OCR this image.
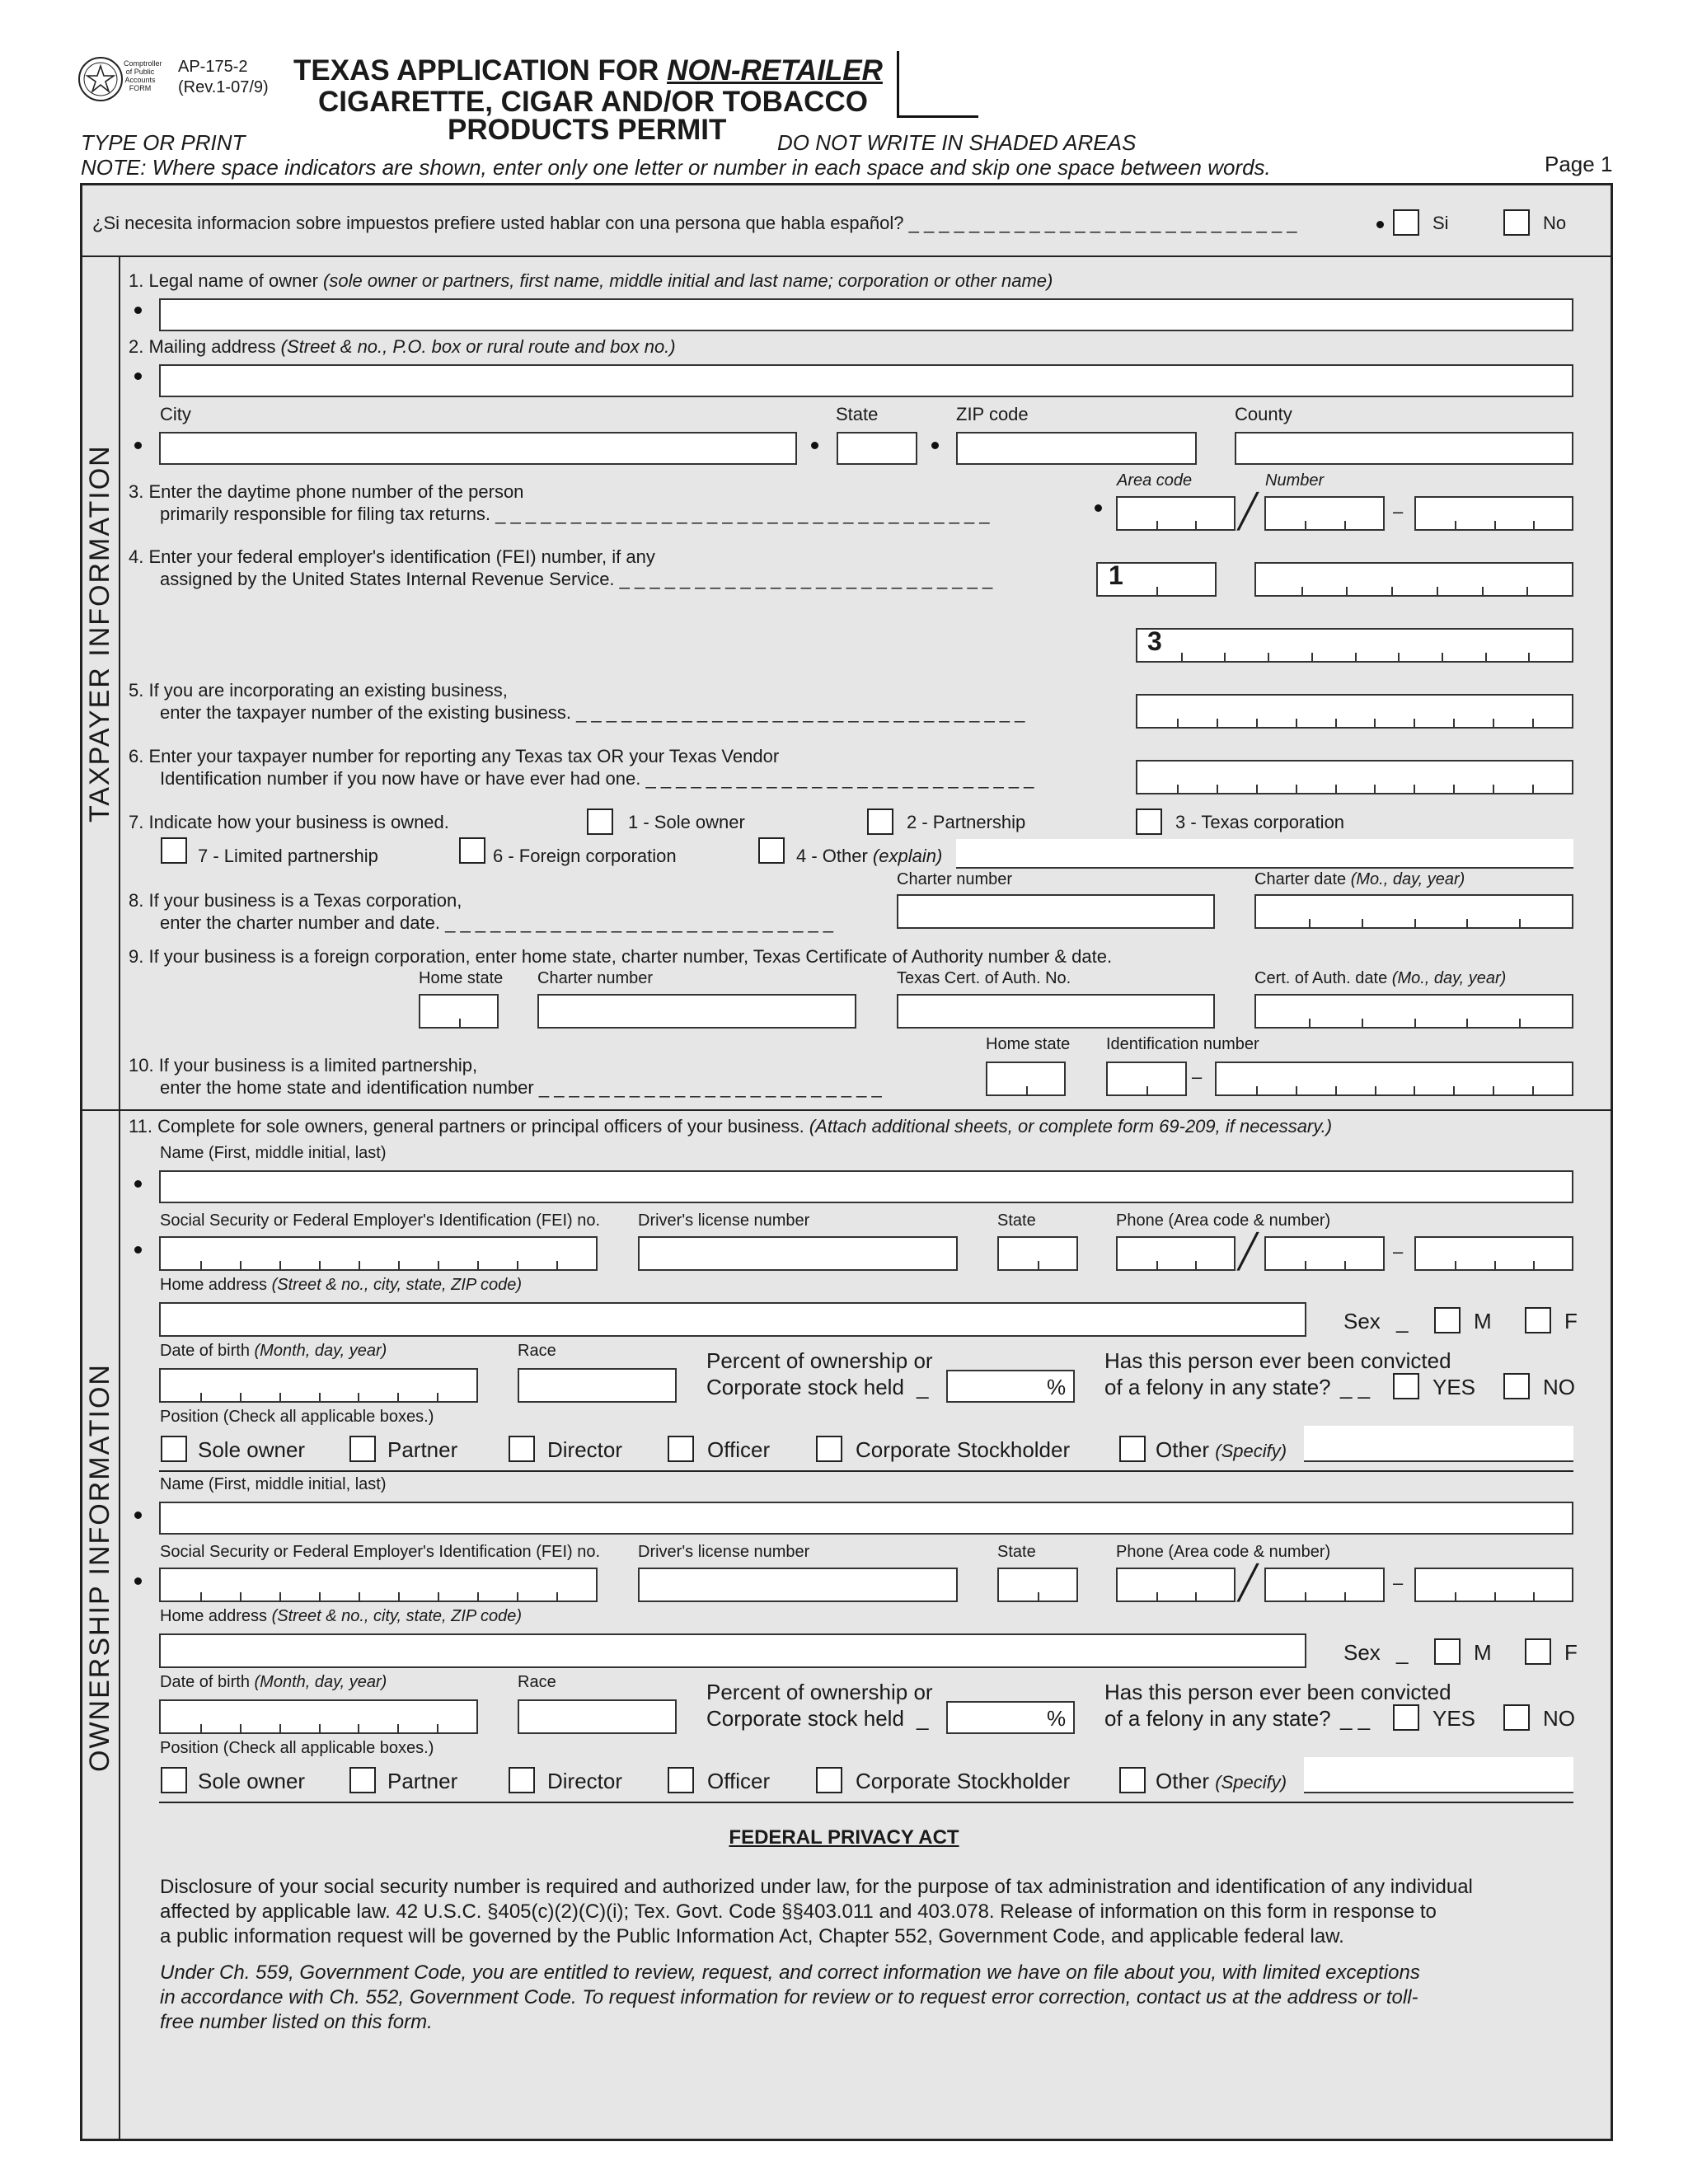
Comptroller of Public Accounts FORM
AP-175-2
(Rev.1-07/9)
TEXAS APPLICATION FOR NON-RETAILER
CIGARETTE, CIGAR AND/OR TOBACCO
PRODUCTS PERMIT
TYPE OR PRINT	DO NOT WRITE IN SHADED AREAS
NOTE: Where space indicators are shown, enter only one letter or number in each space and skip one space between words.	Page 1
¿Si necesita informacion sobre impuestos prefiere usted hablar con una persona que habla español? _ _ _ _ _ _ _ _ _ _ _ _ _ _ _ _ _ _ _ _ _ _ _ _ _ _	Si	No
TAXPAYER INFORMATION
OWNERSHIP INFORMATION
1. Legal name of owner (sole owner or partners, first name, middle initial and last name; corporation or other name)
2. Mailing address (Street & no., P.O. box or rural route and box no.)
City	State	ZIP code	County
3. Enter the daytime phone number of the person
primarily responsible for filing tax returns. _ _ _ _ _ _ _ _ _ _ _ _ _ _ _ _ _ _ _ _ _ _ _ _ _ _ _ _ _ _ _ _ _
Area code	Number
╱	–
4. Enter your federal employer's identification (FEI) number, if any
assigned by the United States Internal Revenue Service. _ _ _ _ _ _ _ _ _ _ _ _ _ _ _ _ _ _ _ _ _ _ _ _ _	1
3
5. If you are incorporating an existing business,
enter the taxpayer number of the existing business. _ _ _ _ _ _ _ _ _ _ _ _ _ _ _ _ _ _ _ _ _ _ _ _ _ _ _ _ _ _
6. Enter your taxpayer number for reporting any Texas tax OR your Texas Vendor
Identification number if you now have or have ever had one. _ _ _ _ _ _ _ _ _ _ _ _ _ _ _ _ _ _ _ _ _ _ _ _ _ _
7. Indicate how your business is owned.	1 - Sole owner	2 - Partnership	3 - Texas corporation
7 - Limited partnership	6 - Foreign corporation	4 - Other (explain)
Charter number	Charter date (Mo., day, year)
8. If your business is a Texas corporation,
enter the charter number and date. _ _ _ _ _ _ _ _ _ _ _ _ _ _ _ _ _ _ _ _ _ _ _ _ _ _
9. If your business is a foreign corporation, enter home state, charter number, Texas Certificate of Authority number & date.
Home state Charter number	Texas Cert. of Auth. No.	Cert. of Auth. date (Mo., day, year)
Home state Identification number
10. If your business is a limited partnership,
enter the home state and identification number _ _ _ _ _ _ _ _ _ _ _ _ _ _ _ _ _ _ _ _ _ _ _
–
11. Complete for sole owners, general partners or principal officers of your business. (Attach additional sheets, or complete form 69-209, if necessary.)
Name (First, middle initial, last)
Social Security or Federal Employer's Identification (FEI) no. Driver's license number	State	Phone (Area code & number)
╱	–
Home address (Street & no., city, state, ZIP code)
Sex _	M	F
Date of birth (Month, day, year)	Race	Percent of ownership or
Corporate stock held _	%
Has this person ever been convicted
of a felony in any state? _ _	YES	NO
Position (Check all applicable boxes.)
Sole owner	Partner	Director	Officer	Corporate Stockholder	Other (Specify)
Name (First, middle initial, last)
Social Security or Federal Employer's Identification (FEI) no. Driver's license number	State	Phone (Area code & number)
╱	–
Home address (Street & no., city, state, ZIP code)
Sex _	M	F
Date of birth (Month, day, year)	Race	Percent of ownership or
Corporate stock held _	%
Has this person ever been convicted
of a felony in any state? _ _	YES	NO
Position (Check all applicable boxes.)
Sole owner	Partner	Director	Officer	Corporate Stockholder	Other (Specify)
FEDERAL PRIVACY ACT
Disclosure of your social security number is required and authorized under law, for the purpose of tax administration and identification of any individual
affected by applicable law. 42 U.S.C. §405(c)(2)(C)(i); Tex. Govt. Code §§403.011 and 403.078. Release of information on this form in response to
a public information request will be governed by the Public Information Act, Chapter 552, Government Code, and applicable federal law.
Under Ch. 559, Government Code, you are entitled to review, request, and correct information we have on file about you, with limited exceptions
in accordance with Ch. 552, Government Code. To request information for review or to request error correction, contact us at the address or toll-
free number listed on this form.
